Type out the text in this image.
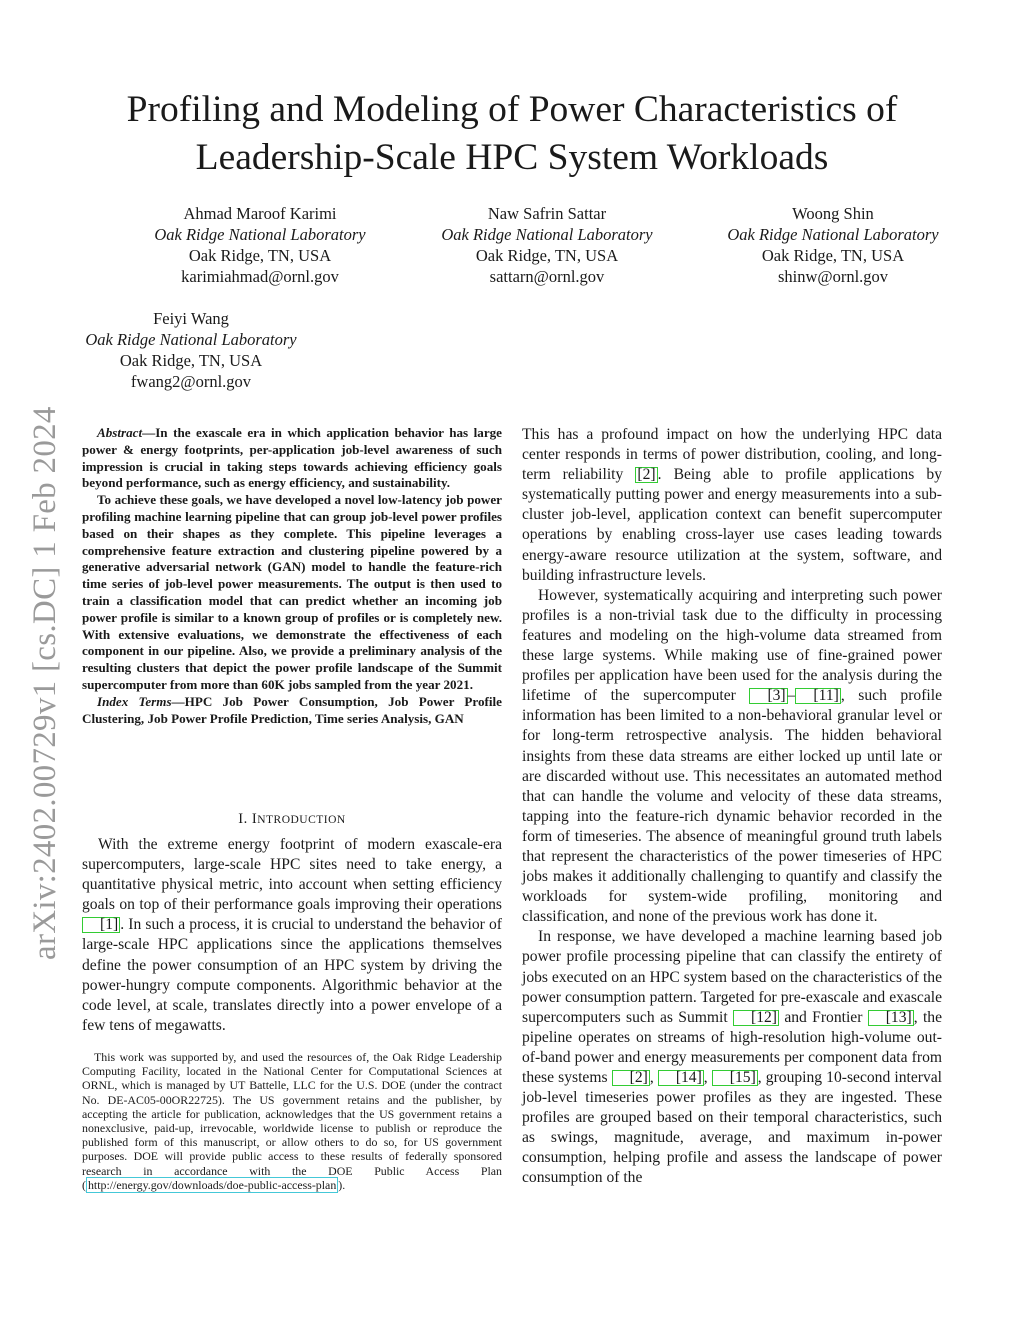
arXiv:2402.00729v1 [cs.DC] 1 Feb 2024
Profiling and Modeling of Power Characteristics of
Leadership-Scale HPC System Workloads
Ahmad Maroof Karimi
Oak Ridge National Laboratory
Oak Ridge, TN, USA
karimiahmad@ornl.gov
Naw Safrin Sattar
Oak Ridge National Laboratory
Oak Ridge, TN, USA
sattarn@ornl.gov
Woong Shin
Oak Ridge National Laboratory
Oak Ridge, TN, USA
shinw@ornl.gov
Feiyi Wang
Oak Ridge National Laboratory
Oak Ridge, TN, USA
fwang2@ornl.gov

Abstract—In the exascale era in which application behavior has large power & energy footprints, per-application job-level awareness of such impression is crucial in taking steps towards achieving efficiency goals beyond performance, such as energy efficiency, and sustainability.

To achieve these goals, we have developed a novel low-latency job power profiling machine learning pipeline that can group job-level power profiles based on their shapes as they complete. This pipeline leverages a comprehensive feature extraction and clustering pipeline powered by a generative adversarial network (GAN) model to handle the feature-rich time series of job-level power measurements. The output is then used to train a classification model that can predict whether an incoming job power profile is similar to a known group of profiles or is completely new. With extensive evaluations, we demonstrate the effectiveness of each component in our pipeline. Also, we provide a preliminary analysis of the resulting clusters that depict the power profile landscape of the Summit supercomputer from more than 60K jobs sampled from the year 2021.

Index Terms—HPC Job Power Consumption, Job Power Profile Clustering, Job Power Profile Prediction, Time series Analysis, GAN

I. INTRODUCTION

With the extreme energy footprint of modern exascale-era supercomputers, large-scale HPC sites need to take energy, a quantitative physical metric, into account when setting efficiency goals on top of their performance goals improving their operations [1] . In such a process, it is crucial to understand the behavior of large-scale HPC applications since the applications themselves define the power consumption of an HPC system by driving the power-hungry compute components. Algorithmic behavior at the code level, at scale, translates directly into a power envelope of a few tens of megawatts.

This work was supported by, and used the resources of, the Oak Ridge Leadership Computing Facility, located in the National Center for Computational Sciences at ORNL, which is managed by UT Battelle, LLC for the U.S. DOE (under the contract No. DE-AC05-00OR22725). The US government retains and the publisher, by accepting the article for publication, acknowledges that the US government retains a nonexclusive, paid-up, irrevocable, worldwide license to publish or reproduce the published form of this manuscript, or allow others to do so, for US government purposes. DOE will provide public access to these results of federally sponsored research in accordance with the DOE Public Access Plan ( http://energy.gov/downloads/doe-public-access-plan ).

This has a profound impact on how the underlying HPC data center responds in terms of power distribution, cooling, and long-term reliability [2] . Being able to profile applications by systematically putting power and energy measurements into a sub-cluster job-level, application context can benefit supercomputer operations by enabling cross-layer use cases leading towards energy-aware resource utilization at the system, software, and building infrastructure levels.

However, systematically acquiring and interpreting such power profiles is a non-trivial task due to the difficulty in processing features and modeling on the high-volume data streamed from these large systems. While making use of fine-grained power profiles per application have been used for the analysis during the lifetime of the supercomputer [3] – [11] , such profile information has been limited to a non-behavioral granular level or for long-term retrospective analysis. The hidden behavioral insights from these data streams are either locked up until late or are discarded without use. This necessitates an automated method that can handle the volume and velocity of these data streams, tapping into the feature-rich dynamic behavior recorded in the form of timeseries. The absence of meaningful ground truth labels that represent the characteristics of the power timeseries of HPC jobs makes it additionally challenging to quantify and classify the workloads for system-wide profiling, monitoring and classification, and none of the previous work has done it.

In response, we have developed a machine learning based job power profile processing pipeline that can classify the entirety of jobs executed on an HPC system based on the characteristics of the power consumption pattern. Targeted for pre-exascale and exascale supercomputers such as Summit [12] and Frontier [13] , the pipeline operates on streams of high-resolution high-volume out-of-band power and energy measurements per component data from these systems [2] , [14] , [15] , grouping 10-second interval job-level timeseries power profiles as they are ingested. These profiles are grouped based on their temporal characteristics, such as swings, magnitude, average, and maximum in-power consumption, helping profile and assess the landscape of power consumption of the
